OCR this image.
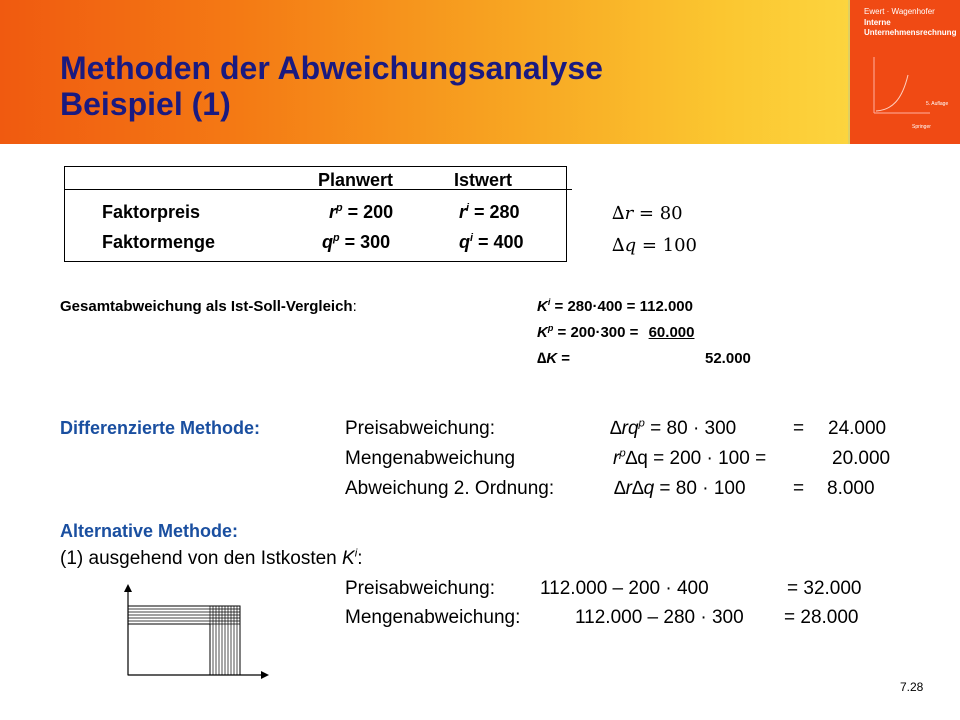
Methoden der Abweichungsanalyse
Beispiel (1)
Ewert · Wagenhofer
Interne
Unternehmensrechnung
5. Auflage
Springer
Planwert	Istwert
Faktorpreis	$r^p = 200$	$r^i = 280$
Faktormenge	$q^p = 300$	$q^i = 400$
∆r = 80
∆q = 100
Gesamtabweichung als Ist-Soll-Vergleich:	$K^i = 280\cdot 400 = 112.000$
$K^p = 200\cdot 300 = 60.000$
∆K =	52.000
Differenzierte Methode:	Preisabweichung:	$\Delta rq^p = 80 \cdot 300$	= 24.000
Mengenabweichung	$r^p\Delta q = 200 \cdot 100$ =	20.000
Abweichung 2. Ordnung:	∆r∆q = 80 · 100 = 8.000
Alternative Methode:
(1) ausgehend von den Istkosten $K^i$:
Preisabweichung: 112.000 – 200 · 400	= 32.000
Mengenabweichung:	112.000 – 280 · 300 = 28.000
7.28
